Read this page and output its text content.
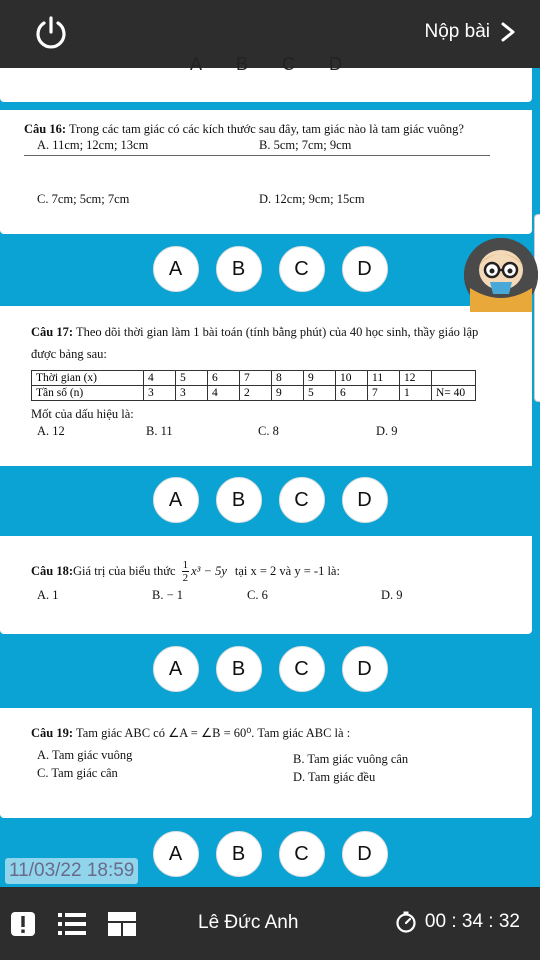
Nộp bài
A B C D
Câu 16: Trong các tam giác có các kích thước sau đây, tam giác nào là tam giác vuông?
A. 11cm; 12cm; 13cm	B. 5cm; 7cm; 9cm
C. 7cm; 5cm; 7cm	D. 12cm; 9cm; 15cm
A	B	C	D
Câu 17: Theo dõi thời gian làm 1 bài toán (tính bằng phút) của 40 học sinh, thầy giáo lập
được bảng sau:
Thời gian (x)	4	5	6	7	8	9	10	11	12	
Tần số (n)	3	3	4	2	9	5	6	7	1	N= 40
Mốt của dấu hiệu là:
A. 12	B. 11	C. 8	D. 9
A	B	C	D
Câu 18: Giá trị của biểu thức $\frac{1}{2} x^3 - 5y$ tại x = 2 và y = -1 là:
A. 1	B. − 1	C. 6	D. 9
A	B	C	D
Câu 19: Tam giác ABC có ∠A = ∠B = 60⁰. Tam giác ABC là :
A. Tam giác vuông	B. Tam giác vuông cân
C. Tam giác cân	D. Tam giác đều
A	B	C	D
11/03/22 18:59
Lê Đức Anh	00 : 34 : 32
